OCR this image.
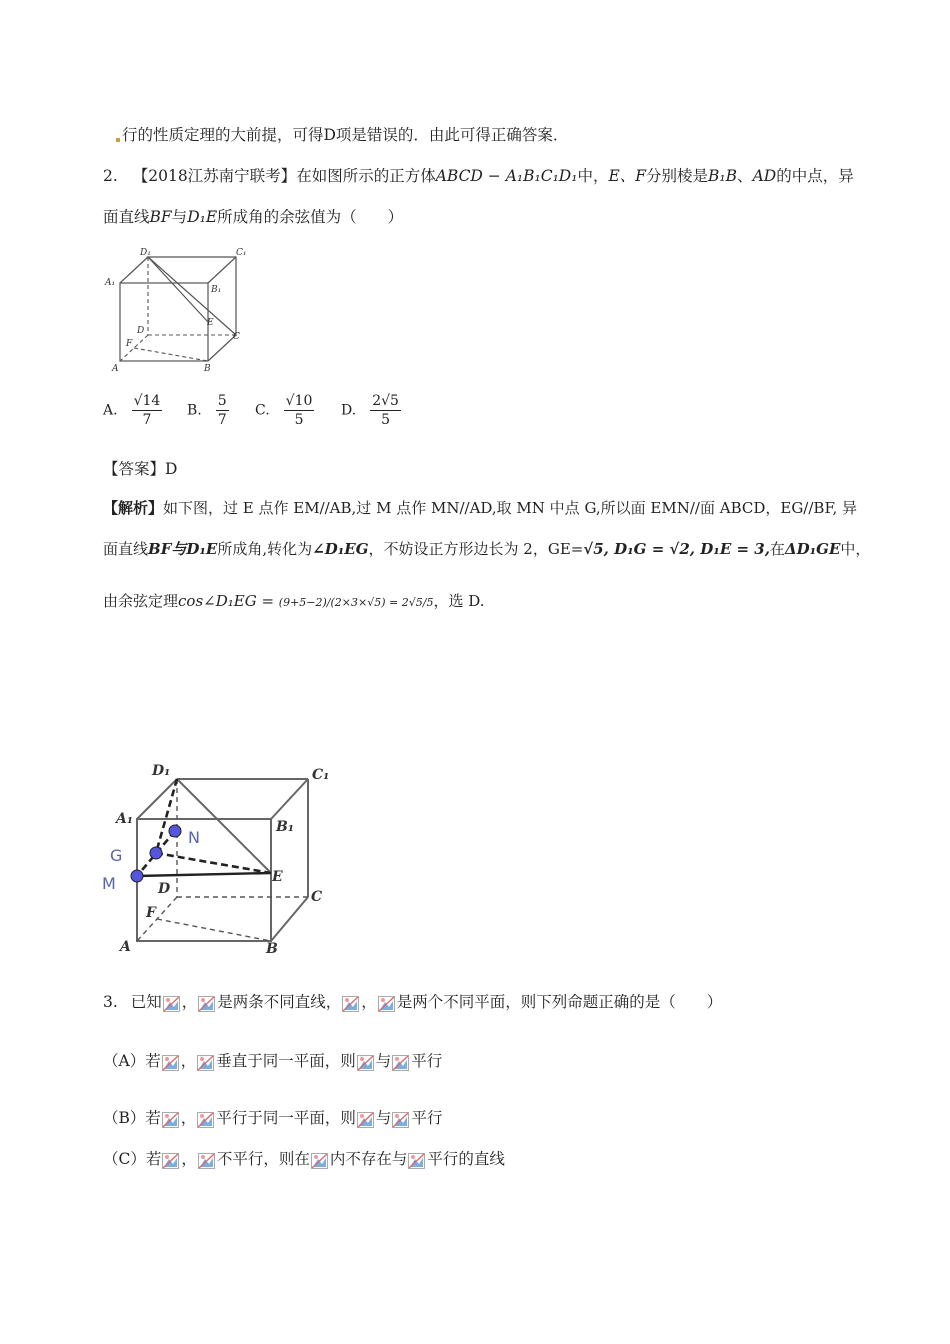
行的性质定理的大前提，可得D项是错误的．由此可得正确答案．
2. 【2018江苏南宁联考】在如图所示的正方体ABCD − A₁B₁C₁D₁中，E、F分别棱是B₁B、AD的中点，异
面直线BF与D₁E所成角的余弦值为（　　）
D₁	C₁
A₁
B₁
E
D
C
F
A	B
A. $\frac{√14}{7} B$. $\frac{5}{7} C$. $\frac{√10}{5} D$. $\frac{2√5}{5}$
【答案】D
【解析】如下图，过 E 点作 EM//AB,过 M 点作 MN//AD,取 MN 中点 G,所以面 EMN//面 ABCD，EG//BF, 异
面直线BF与D₁E所成角,转化为∠D₁EG，不妨设正方形边长为 2，GE=√5, D₁G = √2, D₁E = 3,在ΔD₁GE中，
由余弦定理cos∠D₁EG = (9+5−2)/(2×3×√5) = 2√5/5，选 D.
D₁	C₁
A₁	B₁
E
D	C
F
A	B
N
G
M
3. 已知 ， 是两条不同直线， ， 是两个不同平面，则下列命题正确的是（　　）
（A）若 ， 垂直于同一平面，则 与 平行
（B）若 ， 平行于同一平面，则 与 平行
（C）若 ， 不平行，则在 内不存在与 平行的直线
